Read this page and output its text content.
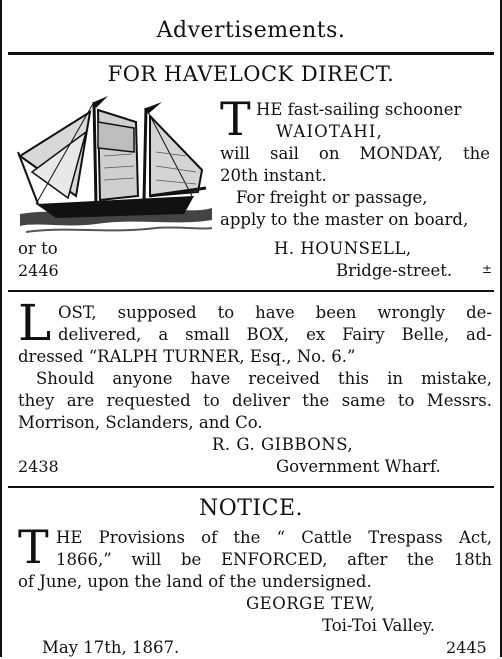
Advertisements.
FOR HAVELOCK DIRECT.
T HE fast-sailing schooner
WAIOTAHI,
will sail on MONDAY, the
20th instant.
For freight or passage,
apply to the master on board,
or to	H. HOUNSELL,
2446	Bridge-street. ±
L OST, supposed to have been wrongly de-
delivered, a small BOX, ex Fairy Belle, ad-
dressed “RALPH TURNER, Esq., No. 6.”
Should anyone have received this in mistake,
they are requested to deliver the same to Messrs.
Morrison, Sclanders, and Co.
R. G. GIBBONS,
2438	Government Wharf.
NOTICE.
T HE Provisions of the “ Cattle Trespass Act,
1866,” will be ENFORCED, after the 18th
of June, upon the land of the undersigned.
GEORGE TEW,
Toi-Toi Valley.
May 17th, 1867.	2445
